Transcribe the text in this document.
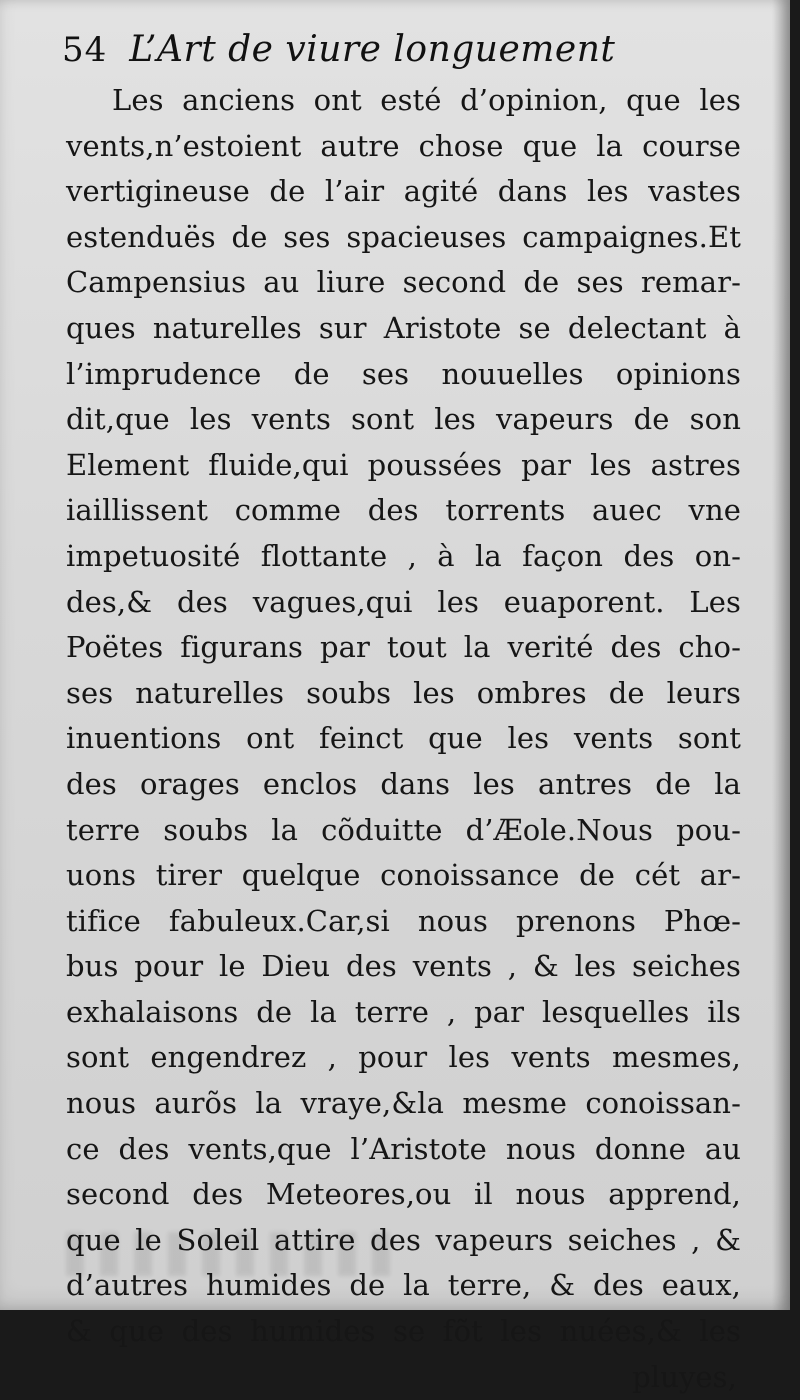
54 L’Art de viure longuement
Les anciens ont esté d’opinion, que les
vents,n’estoient autre chose que la course
vertigineuse de l’air agité dans les vastes
estenduës de ses spacieuses campaignes.Et
Campensius au liure second de ses remar-
ques naturelles sur Aristote se delectant à
l’imprudence de ses nouuelles opinions
dit,que les vents sont les vapeurs de son
Element fluide,qui poussées par les astres
iaillissent comme des torrents auec vne
impetuosité flottante , à la façon des on-
des,& des vagues,qui les euaporent. Les
Poëtes figurans par tout la verité des cho-
ses naturelles soubs les ombres de leurs
inuentions ont feinct que les vents sont
des orages enclos dans les antres de la
terre soubs la cõduitte d’Æole.Nous pou-
uons tirer quelque conoissance de cét ar-
tifice fabuleux.Car,si nous prenons Phœ-
bus pour le Dieu des vents , & les seiches
exhalaisons de la terre , par lesquelles ils
sont engendrez , pour les vents mesmes,
nous aurõs la vraye,&la mesme conoissan-
ce des vents,que l’Aristote nous donne au
second des Meteores,ou il nous apprend,
que le Soleil attire des vapeurs seiches , &
d’autres humides de la terre, & des eaux,
& que des humides se fõt les nuées,& les
pluyes,
